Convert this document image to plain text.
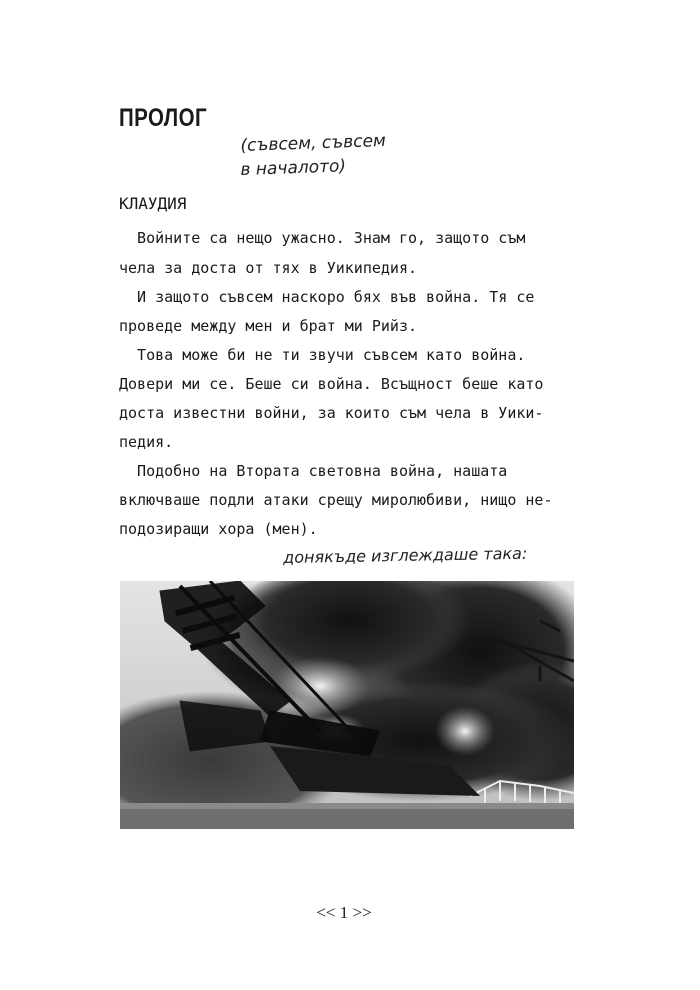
ПРОЛОГ
(съвсем, съвсем
в началото)
КЛАУДИЯ

Войните са нещо ужасно. Знам го, защото съм

чела за доста от тях в Уикипедия.

И защото съвсем наскоро бях във война. Тя се

проведе между мен и брат ми Рийз.

Това може би не ти звучи съвсем като война.

Довери ми се. Беше си война. Всъщност беше като

доста известни войни, за които съм чела в Уики-

педия.

Подобно на Втората световна война, нашата

включваше подли атаки срещу миролюбиви, нищо не-

подозиращи хора (мен).

донякъде изглеждаше така:
<< 1 >>
